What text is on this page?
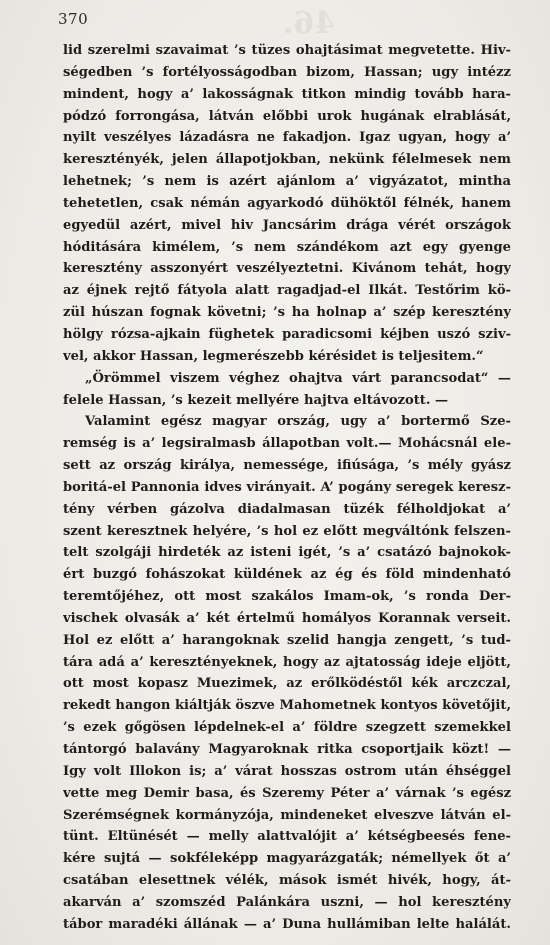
46.
370
lid szerelmi szavaimat ’s tüzes ohajtásimat megvetette. Hiv-
ségedben ’s fortélyosságodban bizom, Hassan; ugy intézz
mindent, hogy a’ lakosságnak titkon mindig tovább hara-
pódzó forrongása, látván előbbi urok hugának elrablását,
nyilt veszélyes lázadásra ne fakadjon. Igaz ugyan, hogy a’
keresztényék, jelen állapotjokban, nekünk félelmesek nem
lehetnek; ’s nem is azért ajánlom a’ vigyázatot, mintha
tehetetlen, csak némán agyarkodó dühöktől félnék, hanem
egyedül azért, mivel hiv Jancsárim drága vérét országok
hóditására kimélem, ’s nem szándékom azt egy gyenge
keresztény asszonyért veszélyeztetni. Kivánom tehát, hogy
az éjnek rejtő fátyola alatt ragadjad-el Ilkát. Testőrim kö-
zül húszan fognak követni; ’s ha holnap a’ szép keresztény
hölgy rózsa-ajkain füghetek paradicsomi kéjben uszó sziv-
vel, akkor Hassan, legmerészebb kérésidet is teljesitem.“
„Örömmel viszem véghez ohajtva várt parancsodat“ —
felele Hassan, ’s kezeit mellyére hajtva eltávozott. —
Valamint egész magyar ország, ugy a’ bortermő Sze-
remség is a’ legsiralmasb állapotban volt.— Mohácsnál ele-
sett az ország királya, nemessége, ifiúsága, ’s mély gyász
boritá-el Pannonia idves virányait. A’ pogány seregek keresz-
tény vérben gázolva diadalmasan tüzék félholdjokat a’
szent keresztnek helyére, ’s hol ez előtt megváltónk felszen-
telt szolgáji hirdeték az isteni igét, ’s a’ csatázó bajnokok-
ért buzgó fohászokat küldének az ég és föld mindenható
teremtőjéhez, ott most szakálos Imam-ok, ’s ronda Der-
vischek olvasák a’ két értelmű homályos Korannak verseit.
Hol ez előtt a’ harangoknak szelid hangja zengett, ’s tud-
tára adá a’ keresztényeknek, hogy az ajtatosság ideje eljött,
ott most kopasz Muezimek, az erőlködéstől kék arczczal,
rekedt hangon kiáltják öszve Mahometnek kontyos követőjit,
’s ezek gőgösen lépdelnek-el a’ földre szegzett szemekkel
tántorgó balavány Magyaroknak ritka csoportjaik közt! —
Igy volt Illokon is; a’ várat hosszas ostrom után éhséggel
vette meg Demir basa, és Szeremy Péter a’ várnak ’s egész
Szerémségnek kormányzója, mindeneket elveszve látván el-
tünt. Eltünését — melly alattvalójit a’ kétségbeesés fene-
kére sujtá — sokféleképp magyarázgaták; némellyek őt a’
csatában elesettnek vélék, mások ismét hivék, hogy, át-
akarván a’ szomszéd Palánkára uszni, — hol keresztény
tábor maradéki állának — a’ Duna hullámiban lelte halálát.
